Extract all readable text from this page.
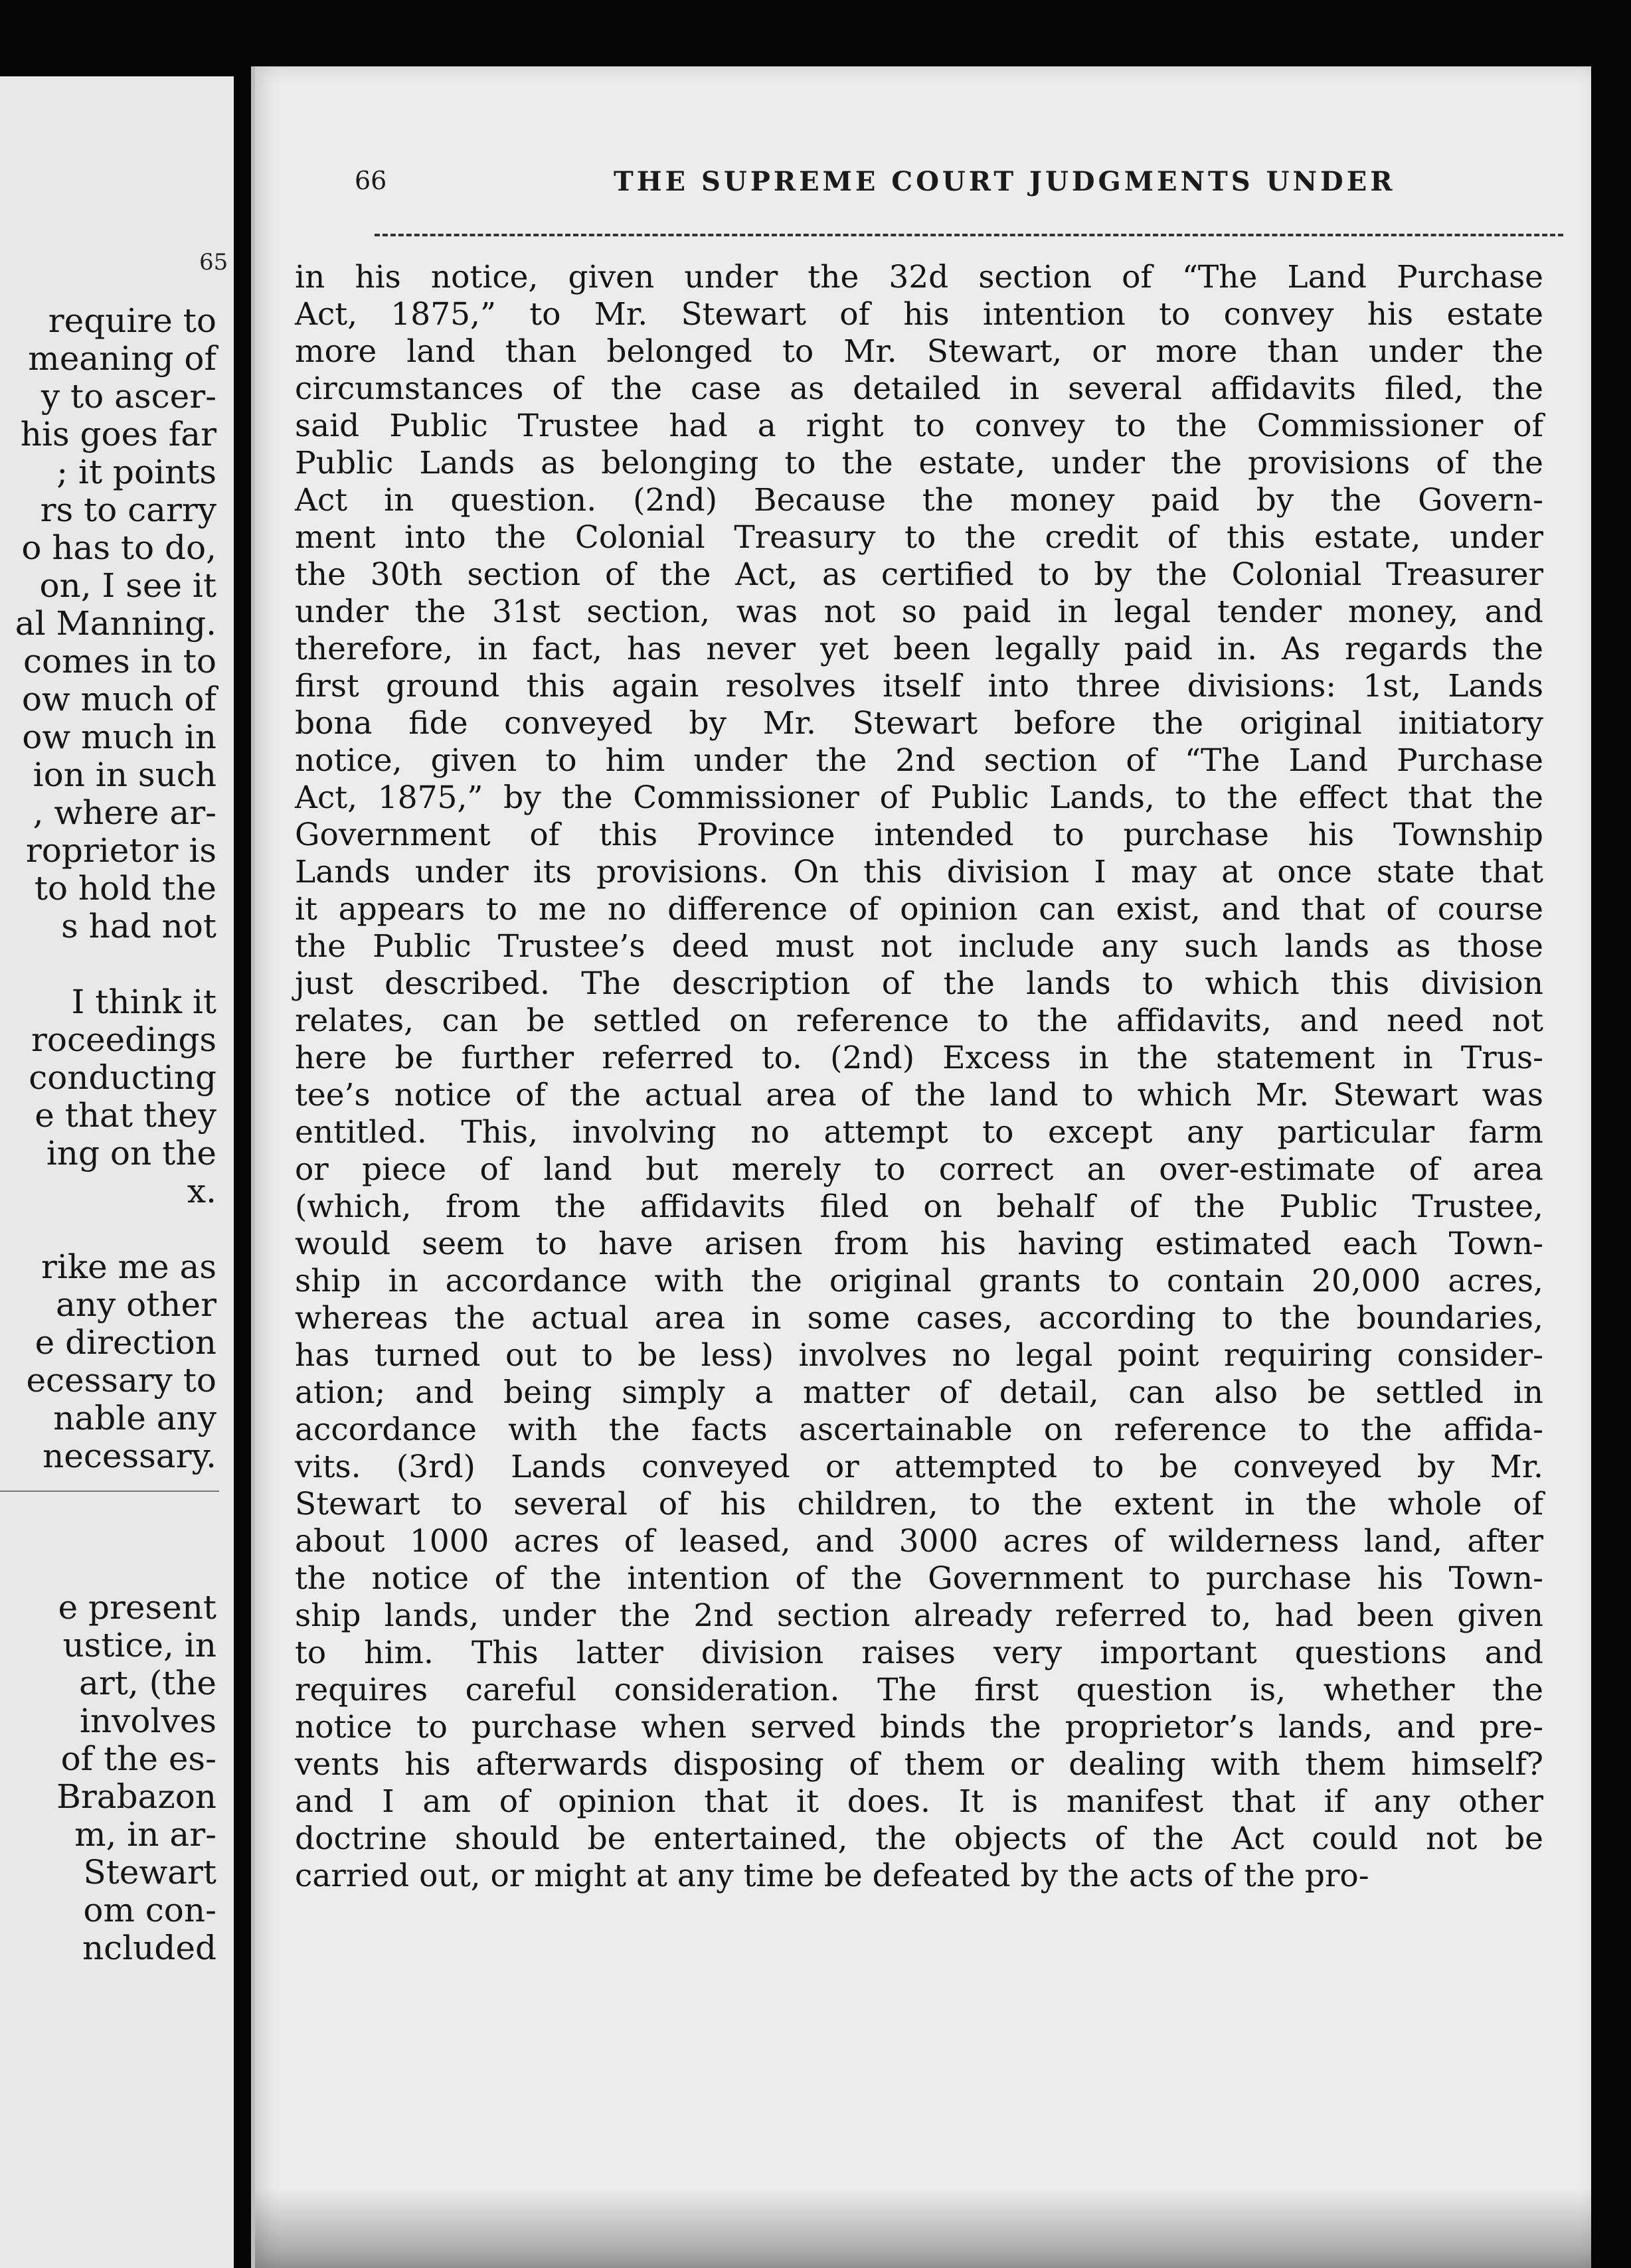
65
require to
meaning of
y to ascer-
his goes far
; it points
rs to carry
o has to do,
on, I see it
al Manning.
comes in to
ow much of
ow much in
ion in such
, where ar-
roprietor is
to hold the
s had not
I think it
roceedings
conducting
e that they
ing on the
x.
rike me as
any other
e direction
ecessary to
nable any
necessary.
e present
ustice, in
art, (the
involves
of the es-
Brabazon
m, in ar-
Stewart
om con-
ncluded
66	THE SUPREME COURT JUDGMENTS UNDER
in his notice, given under the 32d section of “The Land Purchase
Act, 1875,” to Mr. Stewart of his intention to convey his estate
more land than belonged to Mr. Stewart, or more than under the
circumstances of the case as detailed in several affidavits filed, the
said Public Trustee had a right to convey to the Commissioner of
Public Lands as belonging to the estate, under the provisions of the
Act in question. (2nd) Because the money paid by the Govern-
ment into the Colonial Treasury to the credit of this estate, under
the 30th section of the Act, as certified to by the Colonial Treasurer
under the 31st section, was not so paid in legal tender money, and
therefore, in fact, has never yet been legally paid in. As regards the
first ground this again resolves itself into three divisions: 1st, Lands
bona fide conveyed by Mr. Stewart before the original initiatory
notice, given to him under the 2nd section of “The Land Purchase
Act, 1875,” by the Commissioner of Public Lands, to the effect that the
Government of this Province intended to purchase his Township
Lands under its provisions. On this division I may at once state that
it appears to me no difference of opinion can exist, and that of course
the Public Trustee’s deed must not include any such lands as those
just described. The description of the lands to which this division
relates, can be settled on reference to the affidavits, and need not
here be further referred to. (2nd) Excess in the statement in Trus-
tee’s notice of the actual area of the land to which Mr. Stewart was
entitled. This, involving no attempt to except any particular farm
or piece of land but merely to correct an over-estimate of area
(which, from the affidavits filed on behalf of the Public Trustee,
would seem to have arisen from his having estimated each Town-
ship in accordance with the original grants to contain 20,000 acres,
whereas the actual area in some cases, according to the boundaries,
has turned out to be less) involves no legal point requiring consider-
ation; and being simply a matter of detail, can also be settled in
accordance with the facts ascertainable on reference to the affida-
vits. (3rd) Lands conveyed or attempted to be conveyed by Mr.
Stewart to several of his children, to the extent in the whole of
about 1000 acres of leased, and 3000 acres of wilderness land, after
the notice of the intention of the Government to purchase his Town-
ship lands, under the 2nd section already referred to, had been given
to him. This latter division raises very important questions and
requires careful consideration. The first question is, whether the
notice to purchase when served binds the proprietor’s lands, and pre-
vents his afterwards disposing of them or dealing with them himself?
and I am of opinion that it does. It is manifest that if any other
doctrine should be entertained, the objects of the Act could not be
carried out, or might at any time be defeated by the acts of the pro-
